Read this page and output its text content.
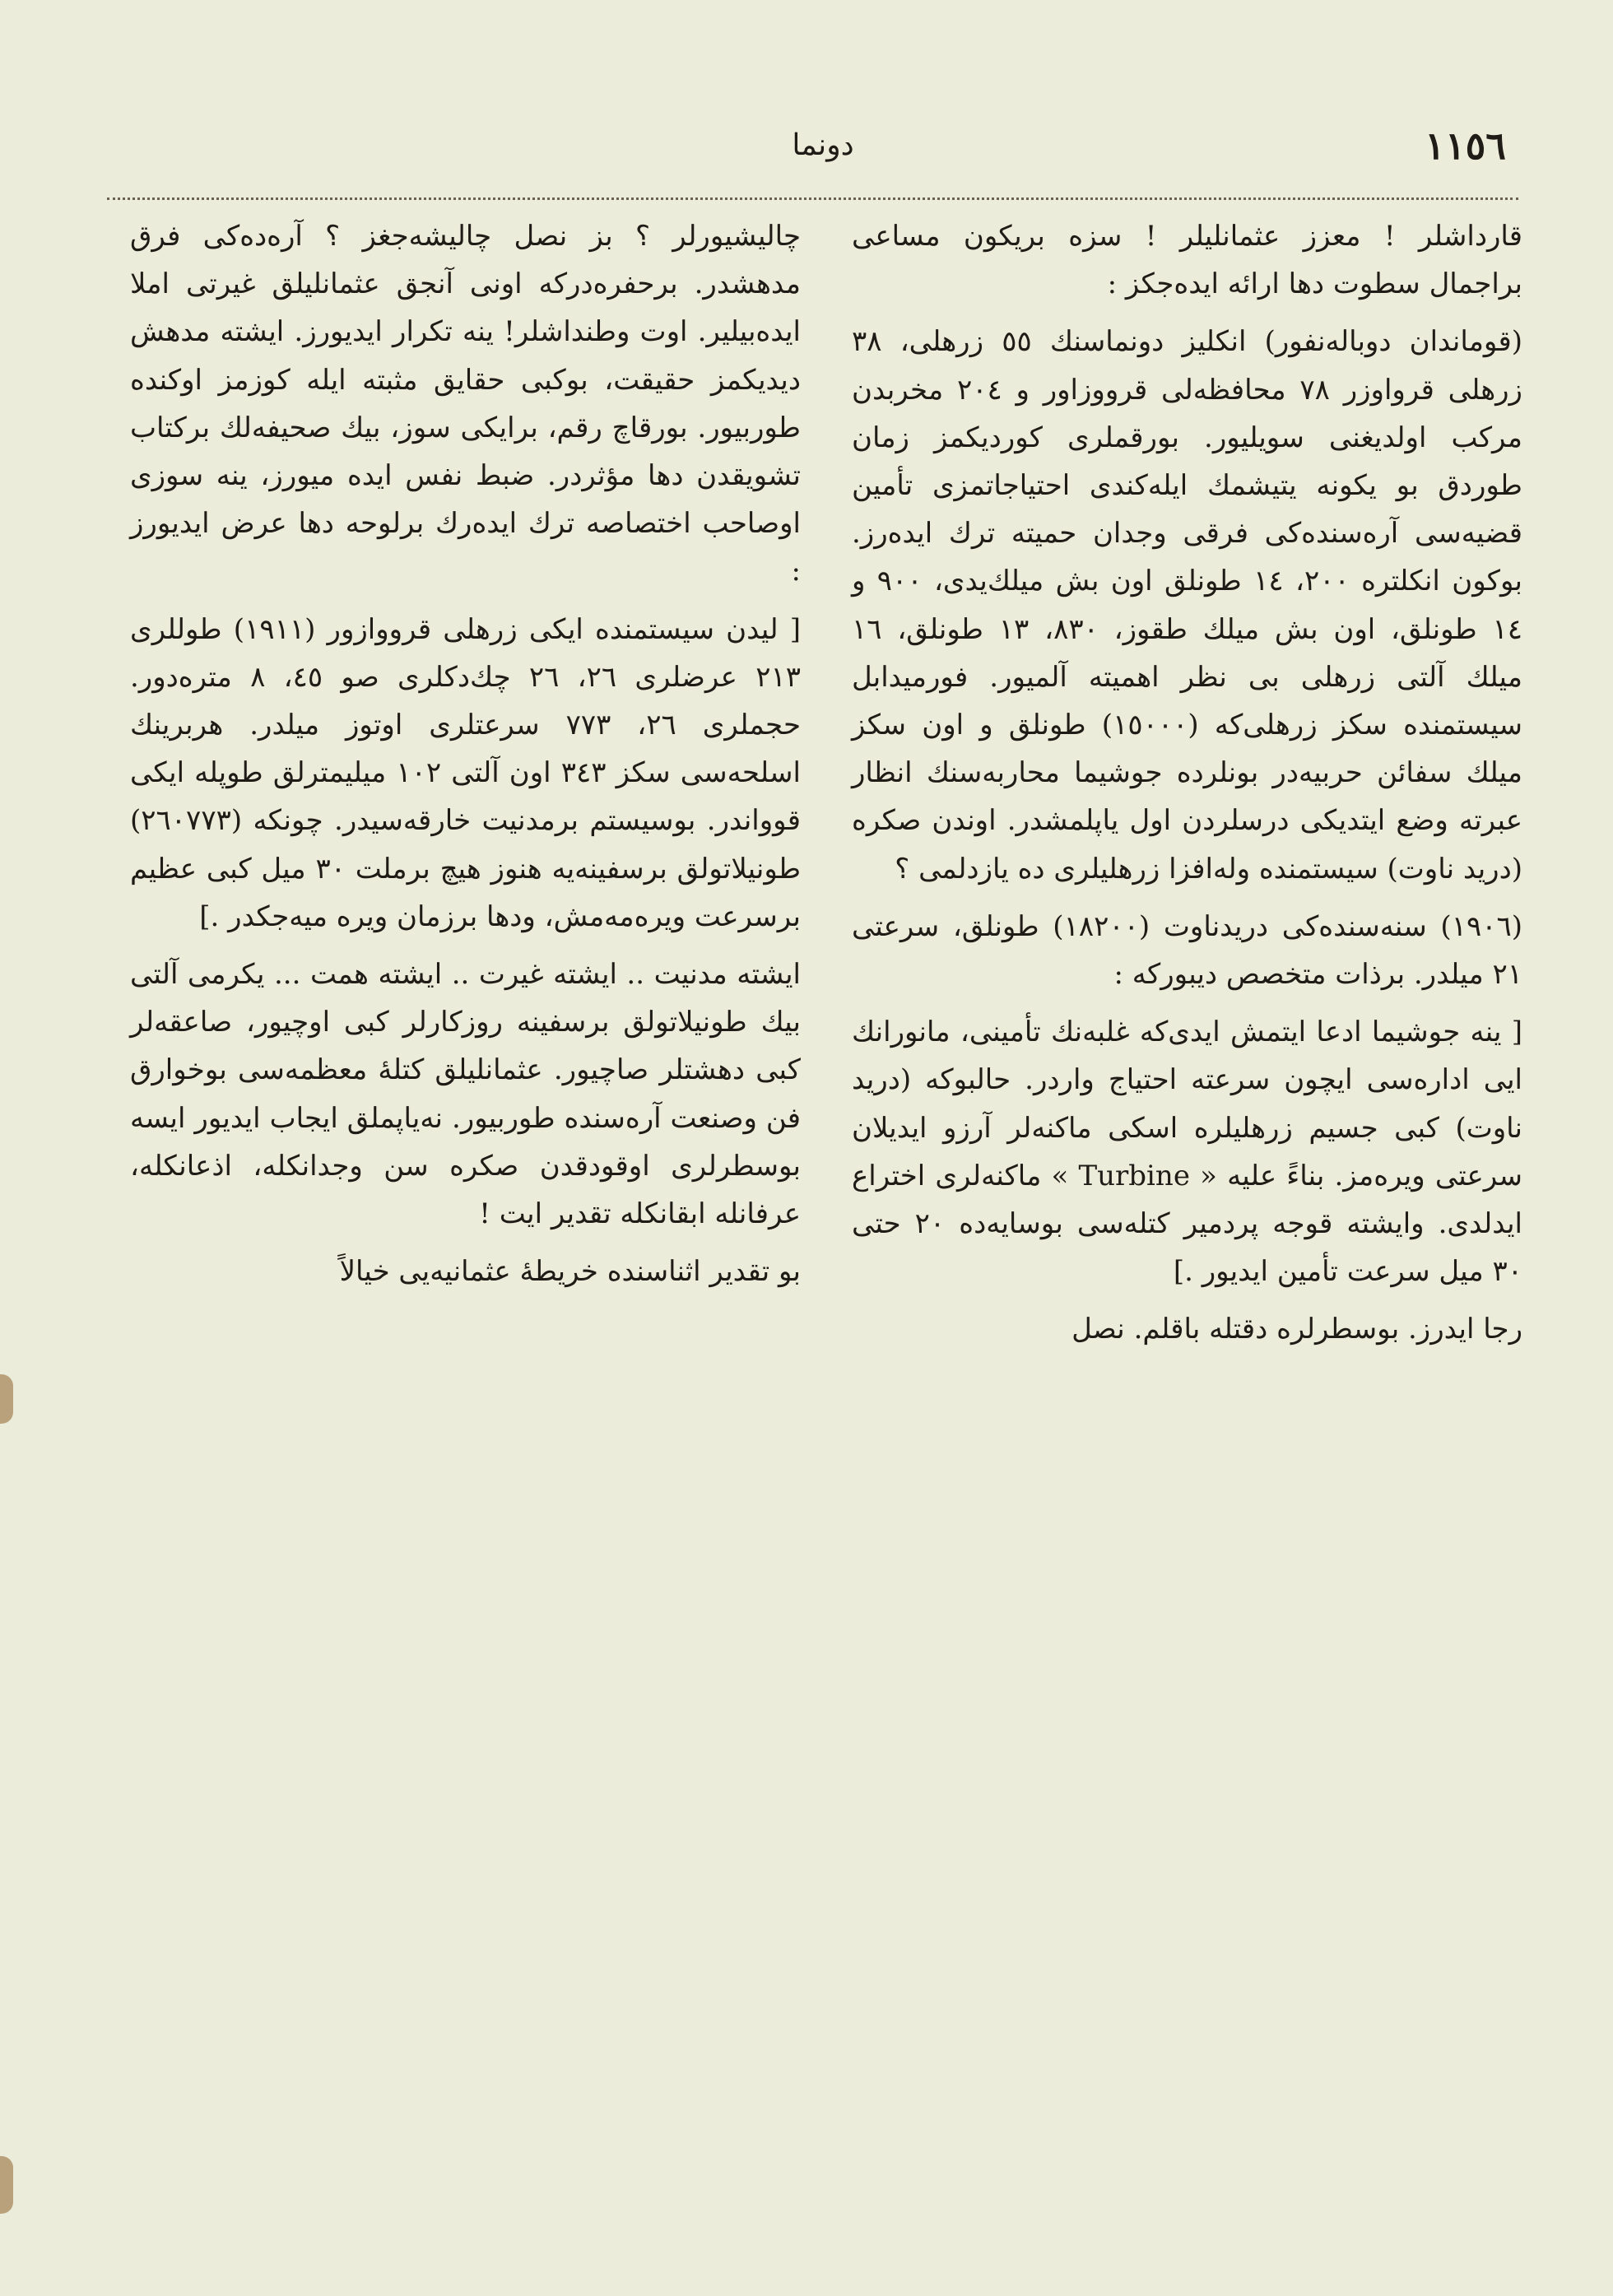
١١٥٦
دونما

قارداشلر ! معزز عثمانليلر ! سزه بريكون مساعى براجمال سطوت دها ارائه ايده‌جكز :

(قوماندان دوباله‌نفور) انكليز دونماسنك ٥٥ زرهلى، ٣٨ زرهلى قرواوزر ٧٨ محافظه‌لى قرووزاور و ٢٠٤ مخربدن مركب اولديغنى سويليور. بورقملرى كورديكمز زمان طوردق بو يكونه يتيشمك ايله‌كندى احتياجاتمزى تأمين قضيه‌سى آره‌سنده‌كى فرقى وجدان حميته ترك ايده‌رز. بوكون انكلتره ٢٠٠، ١٤ طونلق اون بش ميلك‌يدى، ٩٠٠ و ١٤ طونلق، اون بش ميلك طقوز، ٨٣٠، ١٣ طونلق، ١٦ ميلك آلتى زرهلى بى نظر اهميته آلميور. فورميدابل سيستمنده سكز زرهلى‌كه (١٥٠٠٠) طونلق و اون سكز ميلك سفائن حربيه‌در بونلرده جوشيما محاربه‌سنك انظار عبرته وضع ايتديكى درسلردن اول ياپلمشدر. اوندن صكره (دريد ناوت) سيستمنده وله‌افزا زرهليلرى ده يازدلمى ؟

(١٩٠٦) سنه‌سنده‌كى دريدناوت (١٨٢٠٠) طونلق، سرعتى ٢١ ميلدر. برذات متخصص ديبوركه :

[ ينه جوشيما ادعا ايتمش ايدى‌كه غلبه‌نك تأمينى، مانورانك ايى اداره‌سى ايچون سرعته احتياج واردر. حالبوكه (دريد ناوت) كبى جسيم زرهليلره اسكى ماكنه‌لر آرزو ايديلان سرعتى ويره‌مز. بناءً عليه « Turbine » ماكنه‌لرى اختراع ايدلدى. وايشته قوجه پردمير كتله‌سى بوسايه‌ده ٢٠ حتى ٣٠ ميل سرعت تأمين ايديور .]

رجا ايدرز. بوسطرلره دقتله باقلم. نصل

چاليشيورلر ؟ بز نصل چاليشه‌جغز ؟ آره‌ده‌كى فرق مدهشدر. برحفره‌دركه اونى آنجق عثمانليلق غيرتى املا ايده‌بيلير. اوت وطنداشلر! ينه تكرار ايديورز. ايشته مدهش ديديكمز حقيقت، بوكبى حقايق مثبته ايله كوزمز اوكنده طوربيور. بورقاچ رقم، برايكى سوز، بيك صحيفه‌لك بركتاب تشويقدن دها مؤثردر. ضبط نفس ايده ميورز، ينه سوزى اوصاحب اختصاصه ترك ايده‌رك برلوحه دها عرض ايديورز :

[ ليدن سيستمنده ايكى زرهلى قرووازور (١٩١١) طوللرى ٢١٣ عرضلرى ٢٦، ٢٦ چك‌دكلرى صو ٤٥، ٨ متره‌دور. حجملرى ٢٦، ٧٧٣ سرعتلرى اوتوز ميلدر. هربرينك اسلحه‌سى سكز ٣٤٣ اون آلتى ١٠٢ ميليمترلق طوپله ايكى قوواندر. بوسيستم برمدنيت خارقه‌سيدر. چونكه (٢٦٠٧٧٣) طونيلاتولق برسفينه‌يه هنوز هيچ برملت ٣٠ ميل كبى عظيم برسرعت ويره‌مه‌مش، ودها برزمان ويره ميه‌جكدر .]

ايشته مدنيت .. ايشته غيرت .. ايشته همت ... يكرمى آلتى بيك طونيلاتولق برسفينه روزكارلر كبى اوچيور، صاعقه‌لر كبى دهشتلر صاچيور. عثمانليلق كتله‌ٔ معظمه‌سى بوخوارق فن وصنعت آره‌سنده طوربيور. نه‌ياپملق ايجاب ايديور ايسه بوسطرلرى اوقودقدن صكره سن وجدانكله، اذعانكله، عرفانله ابقانكله تقدير ايت !

بو تقدير اثناسنده خريطهٔ عثمانيه‌يى خيالاً
